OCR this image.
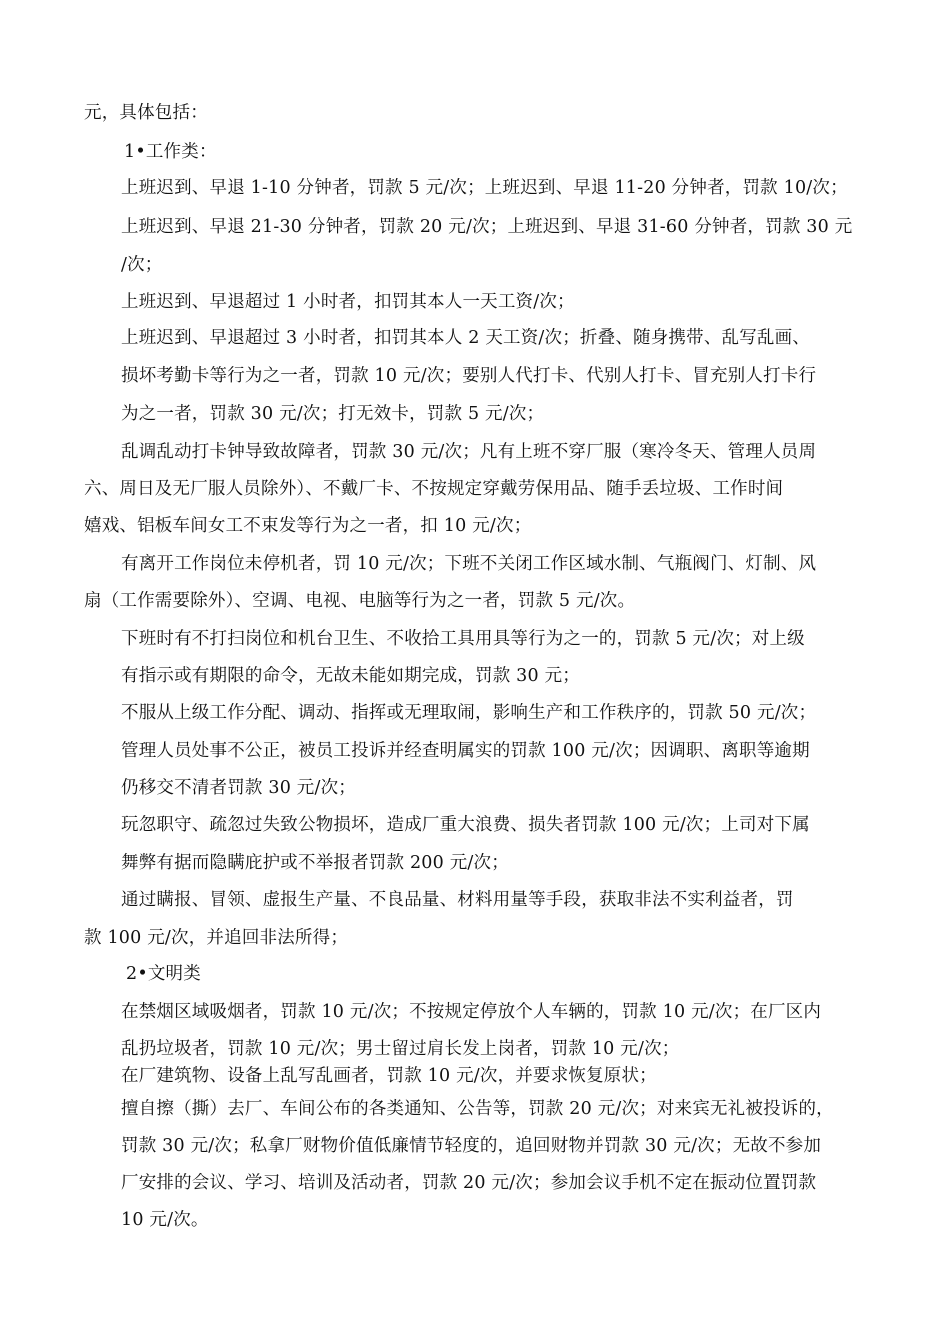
元，具体包括：
1•工作类：
上班迟到、早退 1-10 分钟者，罚款 5 元/次；上班迟到、早退 11-20 分钟者，罚款 10/次；
上班迟到、早退 21-30 分钟者，罚款 20 元/次；上班迟到、早退 31-60 分钟者，罚款 30 元
/次；
上班迟到、早退超过 1 小时者，扣罚其本人一天工资/次；
上班迟到、早退超过 3 小时者，扣罚其本人 2 天工资/次；折叠、随身携带、乱写乱画、
损坏考勤卡等行为之一者，罚款 10 元/次；要别人代打卡、代别人打卡、冒充别人打卡行
为之一者，罚款 30 元/次；打无效卡，罚款 5 元/次；
乱调乱动打卡钟导致故障者，罚款 30 元/次；凡有上班不穿厂服（寒冷冬天、管理人员周
六、周日及无厂服人员除外）、不戴厂卡、不按规定穿戴劳保用品、随手丢垃圾、工作时间
嬉戏、铝板车间女工不束发等行为之一者，扣 10 元/次；
有离开工作岗位未停机者，罚 10 元/次；下班不关闭工作区域水制、气瓶阀门、灯制、风
扇（工作需要除外）、空调、电视、电脑等行为之一者，罚款 5 元/次。
下班时有不打扫岗位和机台卫生、不收拾工具用具等行为之一的，罚款 5 元/次；对上级
有指示或有期限的命令，无故未能如期完成，罚款 30 元；
不服从上级工作分配、调动、指挥或无理取闹，影响生产和工作秩序的，罚款 50 元/次；
管理人员处事不公正，被员工投诉并经查明属实的罚款 100 元/次；因调职、离职等逾期
仍移交不清者罚款 30 元/次；
玩忽职守、疏忽过失致公物损坏，造成厂重大浪费、损失者罚款 100 元/次；上司对下属
舞弊有据而隐瞒庇护或不举报者罚款 200 元/次；
通过瞒报、冒领、虚报生产量、不良品量、材料用量等手段，获取非法不实利益者，罚
款 100 元/次，并追回非法所得；
2•文明类
在禁烟区域吸烟者，罚款 10 元/次；不按规定停放个人车辆的，罚款 10 元/次；在厂区内
乱扔垃圾者，罚款 10 元/次；男士留过肩长发上岗者，罚款 10 元/次；
在厂建筑物、设备上乱写乱画者，罚款 10 元/次，并要求恢复原状；
擅自擦（撕）去厂、车间公布的各类通知、公告等，罚款 20 元/次；对来宾无礼被投诉的，
罚款 30 元/次；私拿厂财物价值低廉情节轻度的，追回财物并罚款 30 元/次；无故不参加
厂安排的会议、学习、培训及活动者，罚款 20 元/次；参加会议手机不定在振动位置罚款
10 元/次。
